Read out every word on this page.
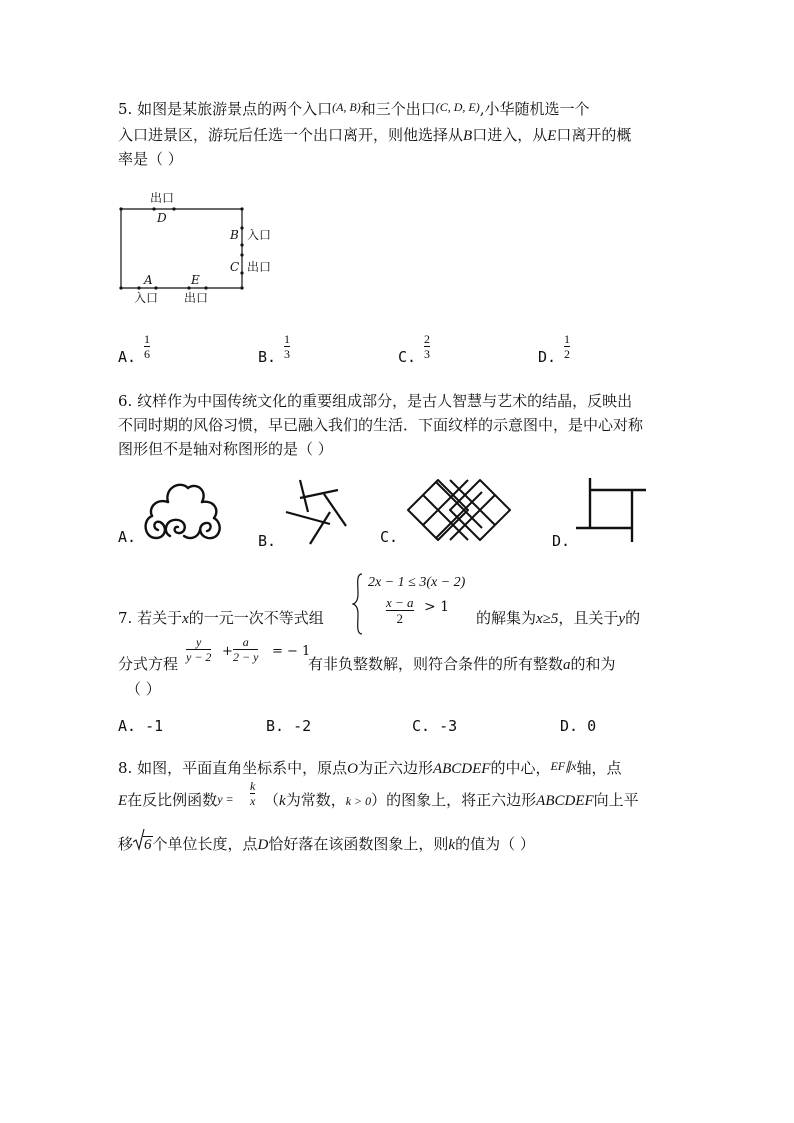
5. 如图是某旅游景点的两个入口$^{(A, B)}$和三个出口$^{(C, D, E)}$,小华随机选一个
入口进景区，游玩后任选一个出口离开，则他选择从B口进入，从E口离开的概
率是（ ）
出口
D
B 入口
C 出口
A	E
入口 出口
A.
1
6	B.
1
3	C.
2
3	D.
1
2
6. 纹样作为中国传统文化的重要组成部分，是古人智慧与艺术的结晶，反映出
不同时期的风俗习惯，早已融入我们的生活．下面纹样的示意图中，是中心对称
图形但不是轴对称图形的是（ ）
A.	B.	C.	D.
2x − 1 ≤ 3(x − 2)
x − a
2
> 1
7. 若关于x的一元一次不等式组	的解集为x≥5，且关于y的
分式方程
y
y − 2 +
a
2 − y = − 1
有非负整数解，则符合条件的所有整数a的和为
（ ）
A. -1	B. -2	C. -3	D. 0
8. 如图，平面直角坐标系中，原点O为正六边形ABCDEF的中心，$^{EF\parallel x}$轴，点
E在反比例函数y =
k
x （k为常数，k > 0）的图象上，将正六边形ABCDEF向上平
移 6个单位长度，点D恰好落在该函数图象上，则k的值为（ ）
